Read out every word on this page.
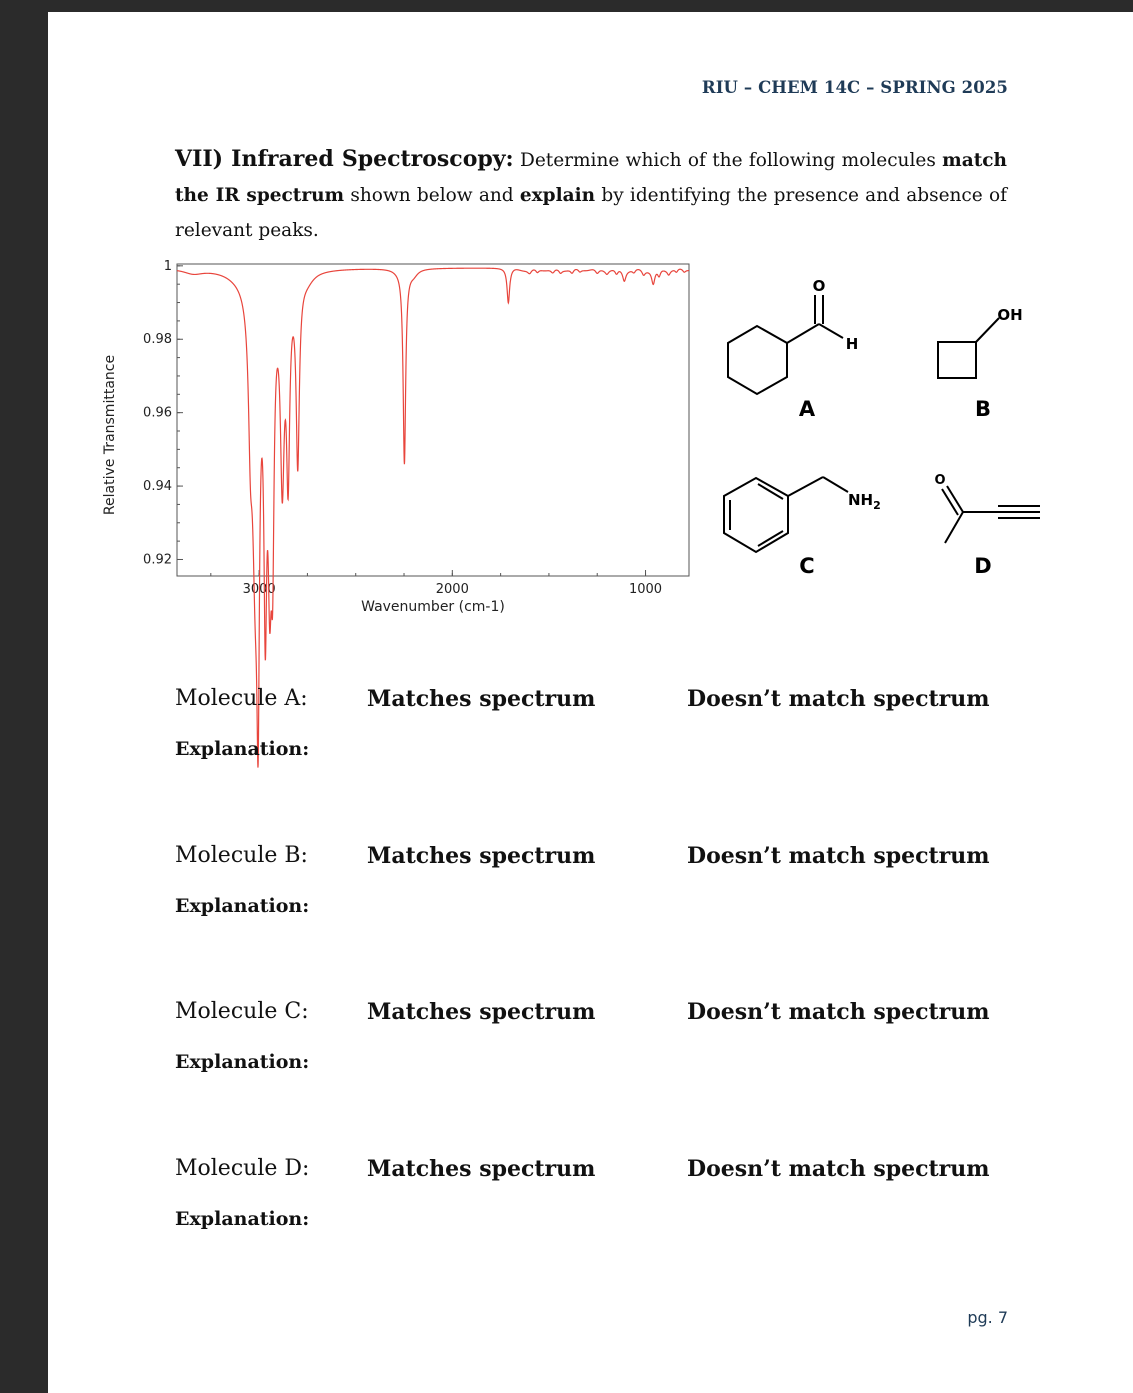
RIU – CHEM 14C – SPRING 2025
VII) Infrared Spectroscopy: Determine which of the following molecules match the IR spectrum shown below and explain by identifying the presence and absence of relevant peaks.
Relative Transmittance
3000	2000	1000
0.92
0.94
0.96
0.98
1
Wavenumber (cm-1)
O
H
A
OH
B
$NH_2$
C
O
D
Molecule A:	Matches spectrum	Doesn’t match spectrum
Explanation:
Molecule B:	Matches spectrum	Doesn’t match spectrum
Explanation:
Molecule C:	Matches spectrum	Doesn’t match spectrum
Explanation:
Molecule D:	Matches spectrum	Doesn’t match spectrum
Explanation:
pg. 7
